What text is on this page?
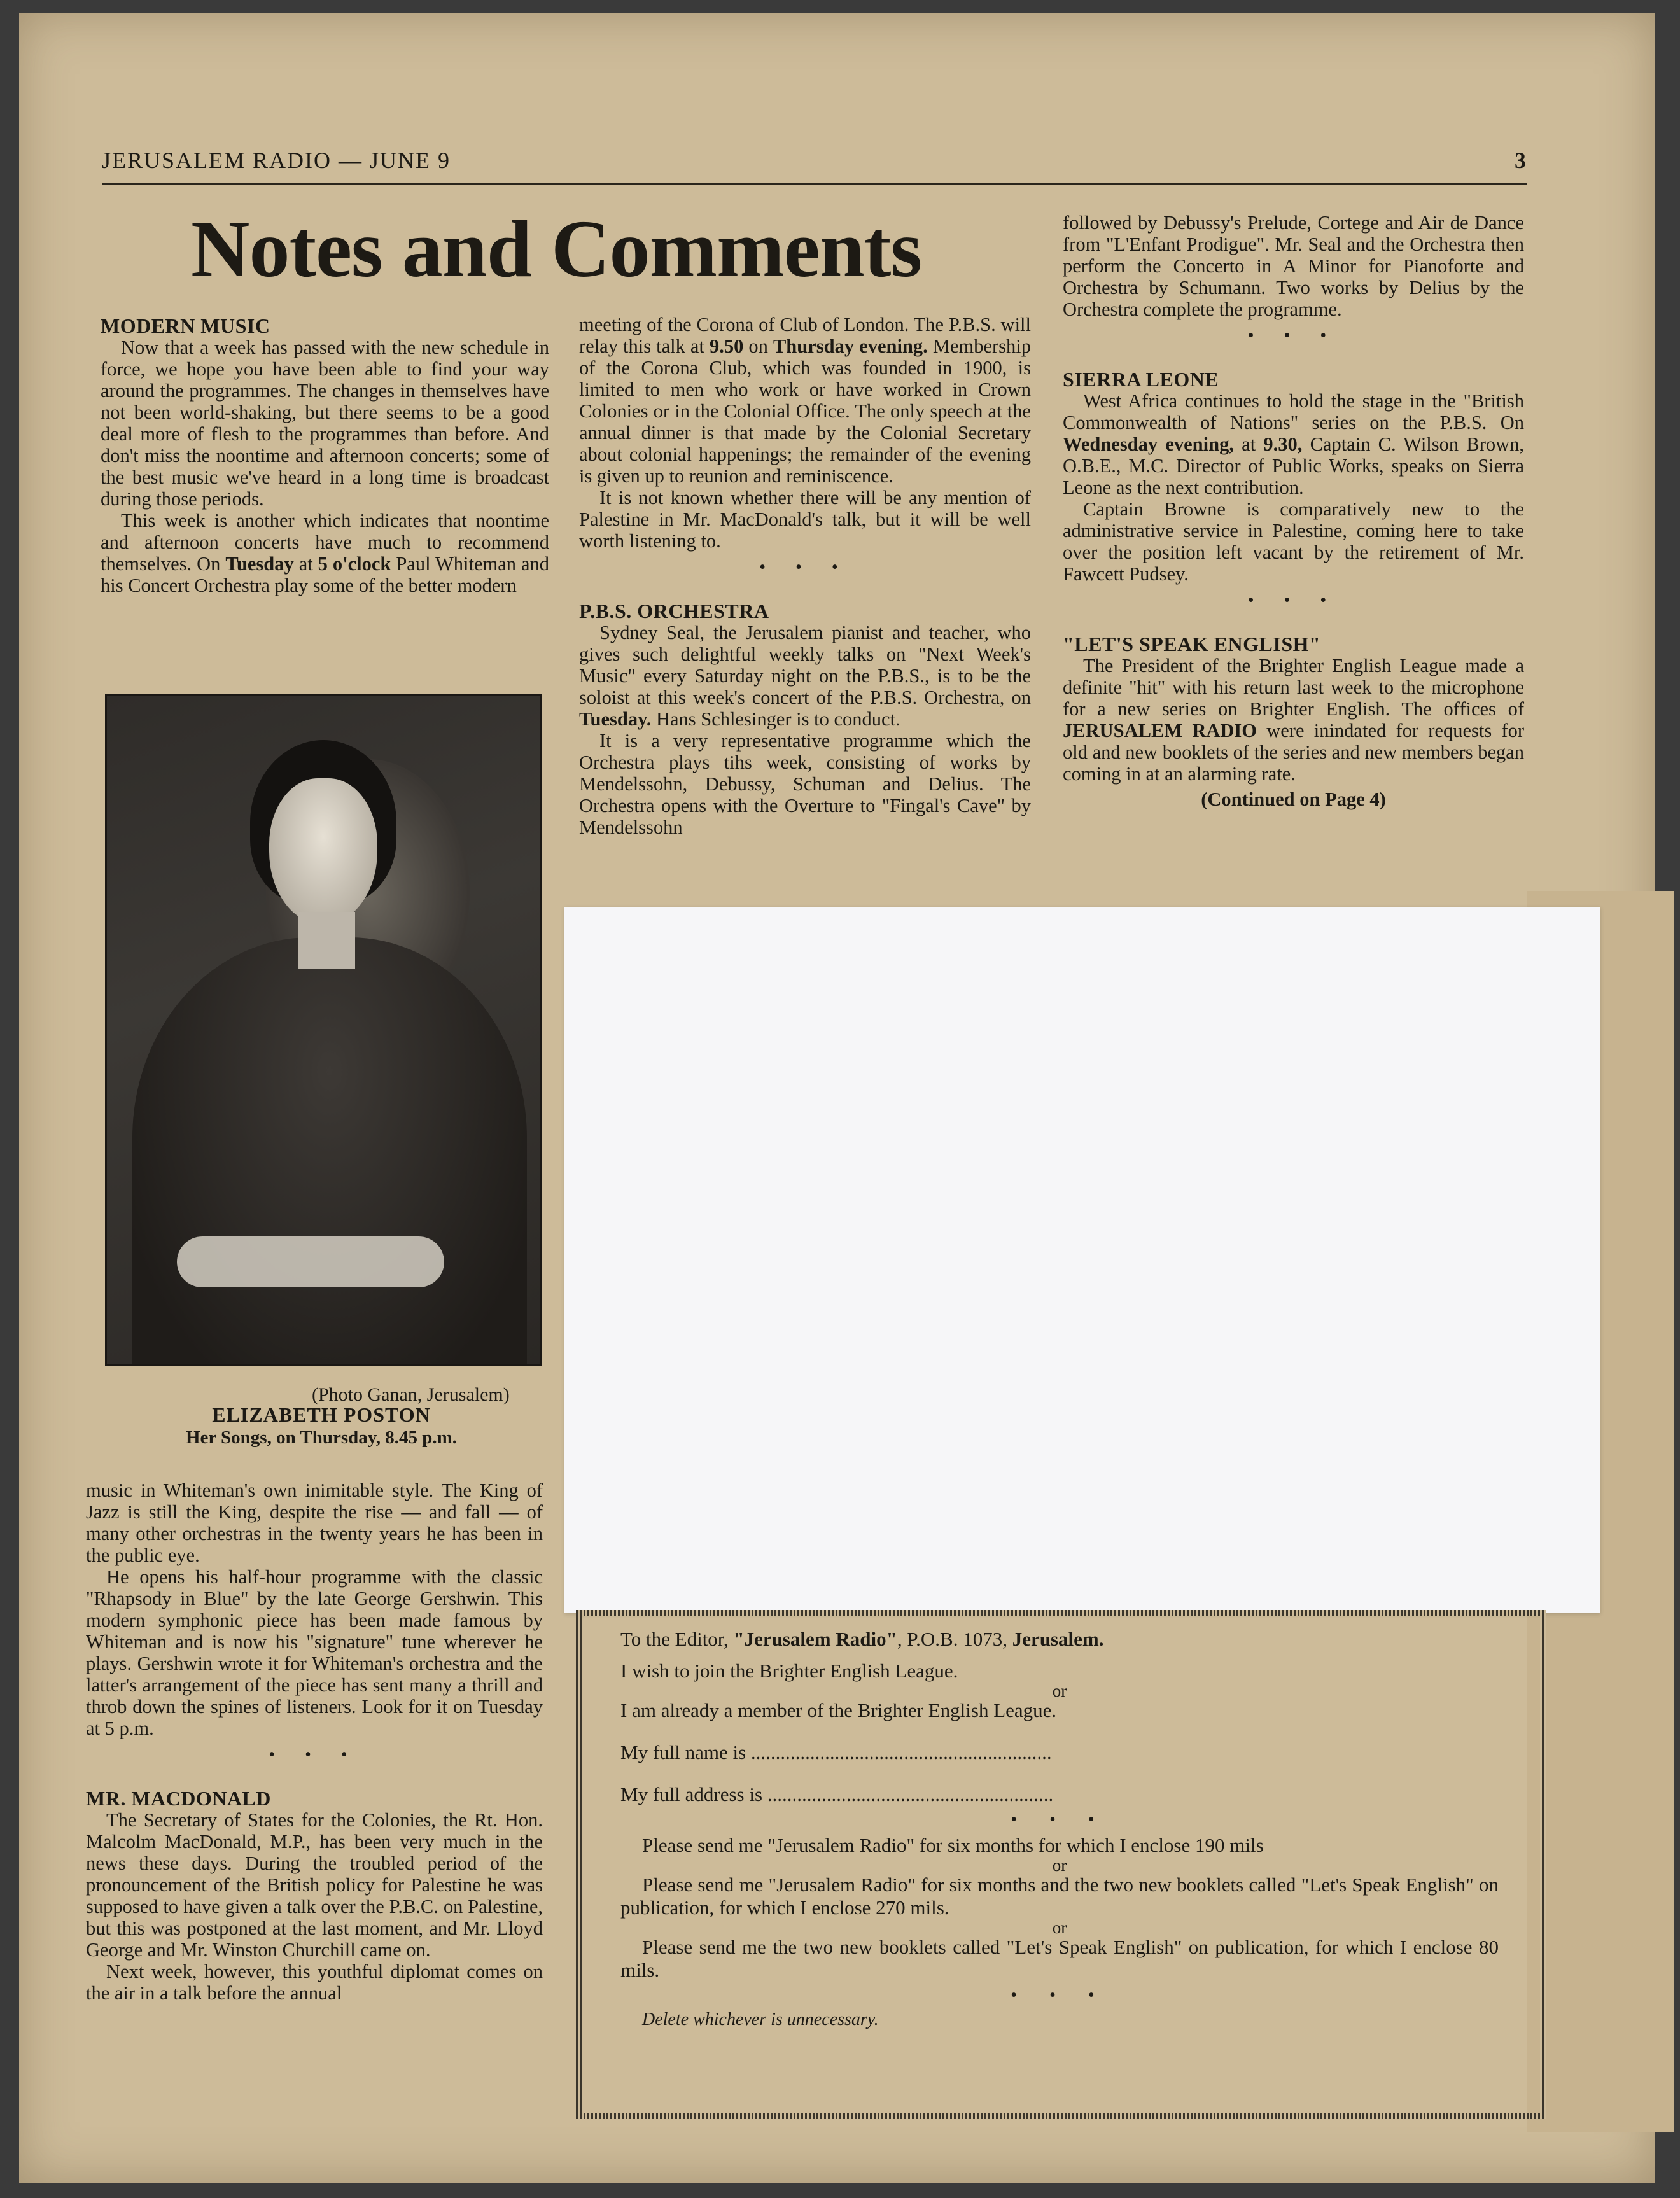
JERUSALEM RADIO — JUNE 9	3
Notes and Comments

MODERN MUSIC

Now that a week has passed with the new schedule in force, we hope you have been able to find your way around the programmes. The changes in themselves have not been world-shaking, but there seems to be a good deal more of flesh to the programmes than before. And don't miss the noontime and afternoon concerts; some of the best music we've heard in a long time is broadcast during those periods.

This week is another which indicates that noontime and afternoon concerts have much to recommend themselves. On Tuesday at 5 o'clock Paul Whiteman and his Concert Orchestra play some of the better modern

(Photo Ganan, Jerusalem)
ELIZABETH POSTON
Her Songs, on Thursday, 8.45 p.m.

music in Whiteman's own inimitable style. The King of Jazz is still the King, despite the rise — and fall — of many other orchestras in the twenty years he has been in the public eye.

He opens his half-hour programme with the classic "Rhapsody in Blue" by the late George Gershwin. This modern symphonic piece has been made famous by Whiteman and is now his "signature" tune wherever he plays. Gershwin wrote it for Whiteman's orchestra and the latter's arrangement of the piece has sent many a thrill and throb down the spines of listeners. Look for it on Tuesday at 5 p.m.

• • •

MR. MACDONALD

The Secretary of States for the Colonies, the Rt. Hon. Malcolm MacDonald, M.P., has been very much in the news these days. During the troubled period of the pronouncement of the British policy for Palestine he was supposed to have given a talk over the P.B.C. on Palestine, but this was postponed at the last moment, and Mr. Lloyd George and Mr. Winston Churchill came on.

Next week, however, this youthful diplomat comes on the air in a talk before the annual

meeting of the Corona of Club of London. The P.B.S. will relay this talk at 9.50 on Thursday evening. Membership of the Corona Club, which was founded in 1900, is limited to men who work or have worked in Crown Colonies or in the Colonial Office. The only speech at the annual dinner is that made by the Colonial Secretary about colonial happenings; the remainder of the evening is given up to reunion and reminiscence.

It is not known whether there will be any mention of Palestine in Mr. MacDonald's talk, but it will be well worth listening to.

• • •

P.B.S. ORCHESTRA

Sydney Seal, the Jerusalem pianist and teacher, who gives such delightful weekly talks on "Next Week's Music" every Saturday night on the P.B.S., is to be the soloist at this week's concert of the P.B.S. Orchestra, on Tuesday. Hans Schlesinger is to conduct.

It is a very representative programme which the Orchestra plays tihs week, consisting of works by Mendelssohn, Debussy, Schuman and Delius. The Orchestra opens with the Overture to "Fingal's Cave" by Mendelssohn

followed by Debussy's Prelude, Cortege and Air de Dance from "L'Enfant Prodigue". Mr. Seal and the Orchestra then perform the Concerto in A Minor for Pianoforte and Orchestra by Schumann. Two works by Delius by the Orchestra complete the programme.

• • •

SIERRA LEONE

West Africa continues to hold the stage in the "British Commonwealth of Nations" series on the P.B.S. On Wednesday evening, at 9.30, Captain C. Wilson Brown, O.B.E., M.C. Director of Public Works, speaks on Sierra Leone as the next contribution.

Captain Browne is comparatively new to the administrative service in Palestine, coming here to take over the position left vacant by the retirement of Mr. Fawcett Pudsey.

• • •

"LET'S SPEAK ENGLISH"

The President of the Brighter English League made a definite "hit" with his return last week to the microphone for a new series on Brighter English. The offices of JERUSALEM RADIO were inindated for requests for old and new booklets of the series and new members began coming in at an alarming rate.

(Continued on Page 4)

To the Editor, "Jerusalem Radio", P.O.B. 1073, Jerusalem.

I wish to join the Brighter English League.

or

I am already a member of the Brighter English League.

My full name is .............................................................

My full address is ..........................................................

• • •

Please send me "Jerusalem Radio" for six months for which I enclose 190 mils

or

Please send me "Jerusalem Radio" for six months and the two new booklets called "Let's Speak English" on publication, for which I enclose 270 mils.

or

Please send me the two new booklets called "Let's Speak English" on publication, for which I enclose 80 mils.

• • •

Delete whichever is unnecessary.
